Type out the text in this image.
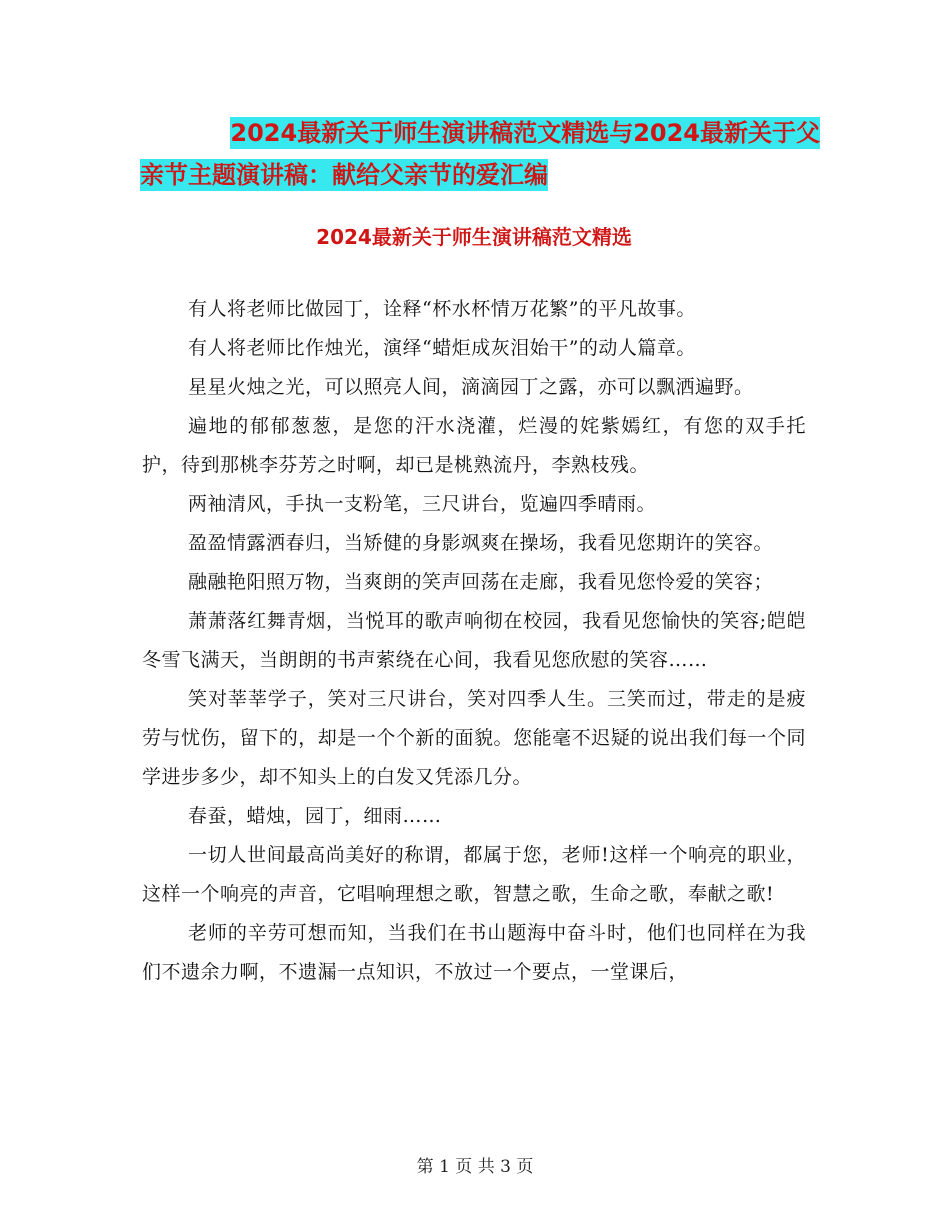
2024最新关于师生演讲稿范文精选与2024最新关于父
亲节主题演讲稿：献给父亲节的爱汇编
2024最新关于师生演讲稿范文精选

有人将老师比做园丁，诠释“杯水杯情万花繁”的平凡故事。

有人将老师比作烛光，演绎“蜡炬成灰泪始干”的动人篇章。

星星火烛之光，可以照亮人间，滴滴园丁之露，亦可以飘洒遍野。

遍地的郁郁葱葱，是您的汗水浇灌，烂漫的姹紫嫣红，有您的双手托护，待到那桃李芬芳之时啊，却已是桃熟流丹，李熟枝残。

两袖清风，手执一支粉笔，三尺讲台，览遍四季晴雨。

盈盈情露洒春归，当矫健的身影飒爽在操场，我看见您期许的笑容。

融融艳阳照万物，当爽朗的笑声回荡在走廊，我看见您怜爱的笑容；

萧萧落红舞青烟，当悦耳的歌声响彻在校园，我看见您愉快的笑容;皑皑冬雪飞满天，当朗朗的书声萦绕在心间，我看见您欣慰的笑容……

笑对莘莘学子，笑对三尺讲台，笑对四季人生。三笑而过，带走的是疲劳与忧伤，留下的，却是一个个新的面貌。您能毫不迟疑的说出我们每一个同学进步多少，却不知头上的白发又凭添几分。

春蚕，蜡烛，园丁，细雨……

一切人世间最高尚美好的称谓，都属于您，老师!这样一个响亮的职业，这样一个响亮的声音，它唱响理想之歌，智慧之歌，生命之歌，奉献之歌!

老师的辛劳可想而知，当我们在书山题海中奋斗时，他们也同样在为我们不遗余力啊，不遗漏一点知识，不放过一个要点，一堂课后，

第 1 页 共 3 页
